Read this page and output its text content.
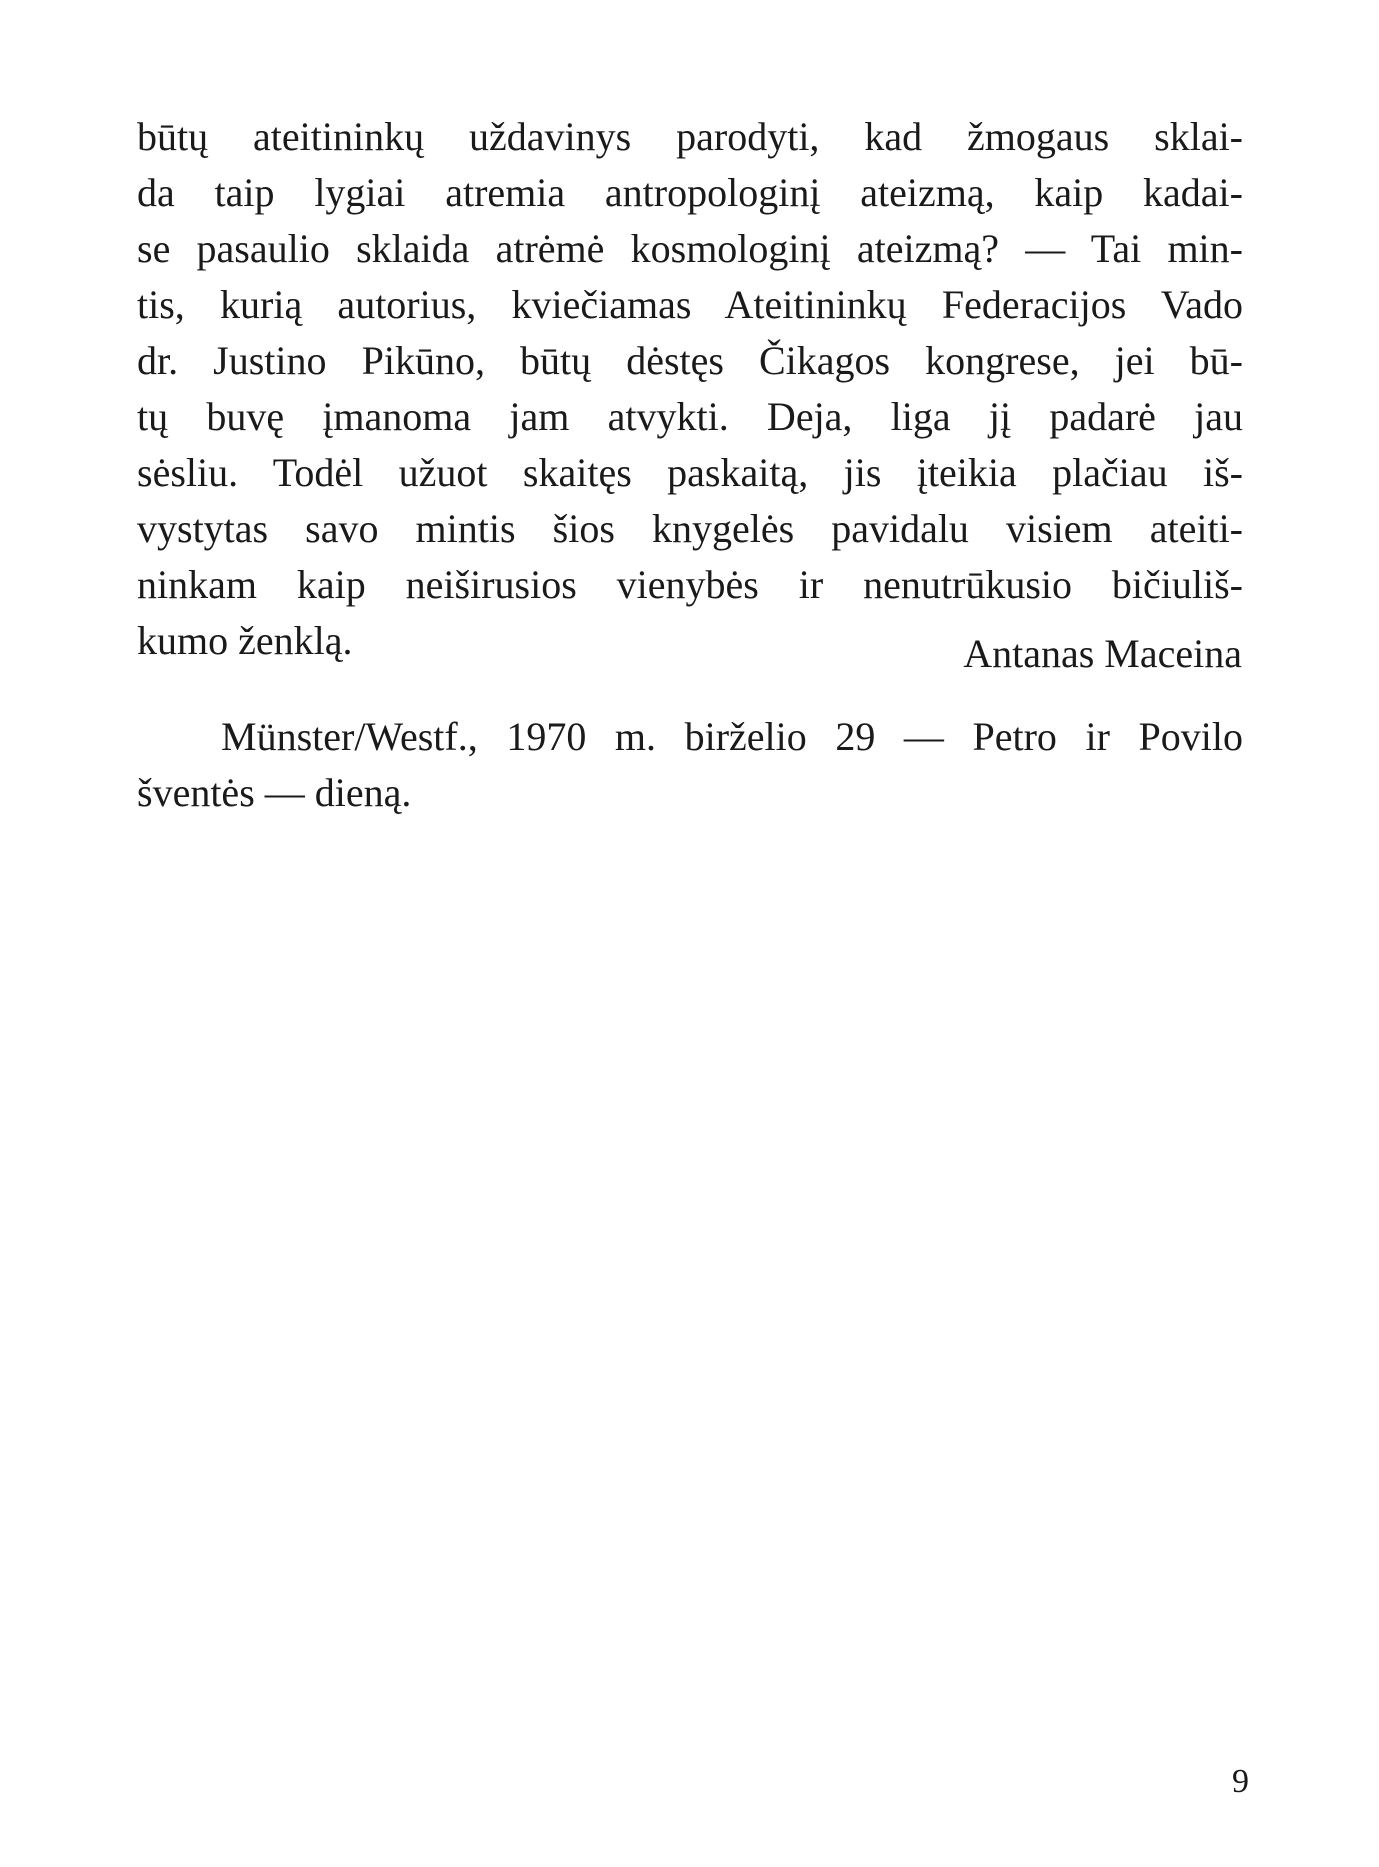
būtų ateitininkų uždavinys parodyti, kad žmogaus sklai-
da taip lygiai atremia antropologinį ateizmą, kaip kadai-
se pasaulio sklaida atrėmė kosmologinį ateizmą? — Tai min-
tis, kurią autorius, kviečiamas Ateitininkų Federacijos Vado
dr. Justino Pikūno, būtų dėstęs Čikagos kongrese, jei bū-
tų buvę įmanoma jam atvykti. Deja, liga jį padarė jau
sėsliu. Todėl užuot skaitęs paskaitą, jis įteikia plačiau iš-
vystytas savo mintis šios knygelės pavidalu visiem ateiti-
ninkam kaip neiširusios vienybės ir nenutrūkusio bičiuliš-
kumo ženklą.	Antanas Maceina
Münster/Westf., 1970 m. birželio 29 — Petro ir Povilo
šventės — dieną.
9
